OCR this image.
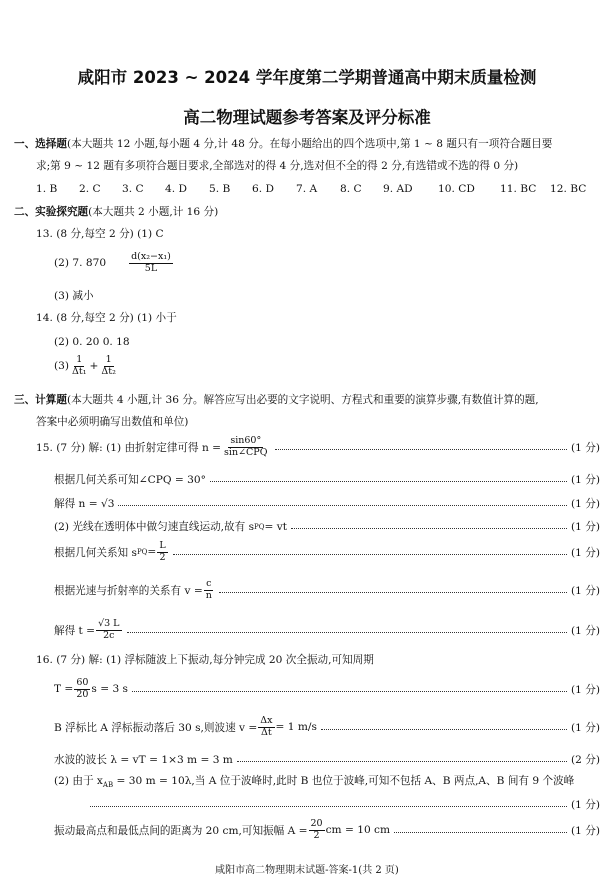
咸阳市 2023 ~ 2024 学年度第二学期普通高中期末质量检测
高二物理试题参考答案及评分标准
一、选择题(本大题共 12 小题,每小题 4 分,计 48 分。在每小题给出的四个选项中,第 1 ~ 8 题只有一项符合题目要
求;第 9 ~ 12 题有多项符合题目要求,全部选对的得 4 分,选对但不全的得 2 分,有选错或不选的得 0 分)
1. B 2. C 3. C 4. D 5. B 6. D 7. A 8. C 9. AD 10. CD 11. BC 12. BC
二、实验探究题(本大题共 2 小题,计 16 分)
13. (8 分,每空 2 分) (1) C
(2) 7. $870 \frac{\text{d(x₂−x₁)}}{5L}$
(3) 减小
14. (8 分,每空 2 分) (1) 小于
(2) 0. 20 0. 18
$(3) \frac{1}{\text{Δt₁}} + \frac{1}{\text{Δt₂}}$
三、计算题(本大题共 4 小题,计 36 分。解答应写出必要的文字说明、方程式和重要的演算步骤,有数值计算的题,
答案中必须明确写出数值和单位)
15. (7 分) 解: (1) 由折射定律可得 $n = \frac{\sin 60^\circ}{\text{sin∠CPQ}}$	(1 分)
根据几何关系可知∠CPQ = 30°	(1 分)
解得 n = √3	(1 分)
(2) 光线在透明体中做匀速直线运动,故有 s PQ = vt	(1 分)
根据几何关系知 s PQ = $\frac{L}{2}$	(1 分)
根据光速与折射率的关系有 $v = \frac{c}{n}$	(1 分)
解得 $t = \frac{√3 L}{2c}$	(1 分)
16. (7 分) 解: (1) 浮标随波上下振动,每分钟完成 20 次全振动,可知周期
$T = \frac{60}{20}$ s = 3 s	(1 分)
B 浮标比 A 浮标振动落后 30 s,则波速 $v = \frac{\Delta x}{\Delta t} = 1$ m/s	(1 分)
水波的波长 λ = vT = 1×3 m = 3 m	(2 分)
(2) 由于 $x_{AB} = 30$ m = 10λ,当 A 位于波峰时,此时 B 也位于波峰,可知不包括 A、B 两点,A、B 间有 9 个波峰
(1 分)
振动最高点和最低点间的距离为 20 cm,可知振幅 $A = \frac{20}{2}$ cm = 10 cm	(1 分)
咸阳市高二物理期末试题-答案-1(共 2 页)
